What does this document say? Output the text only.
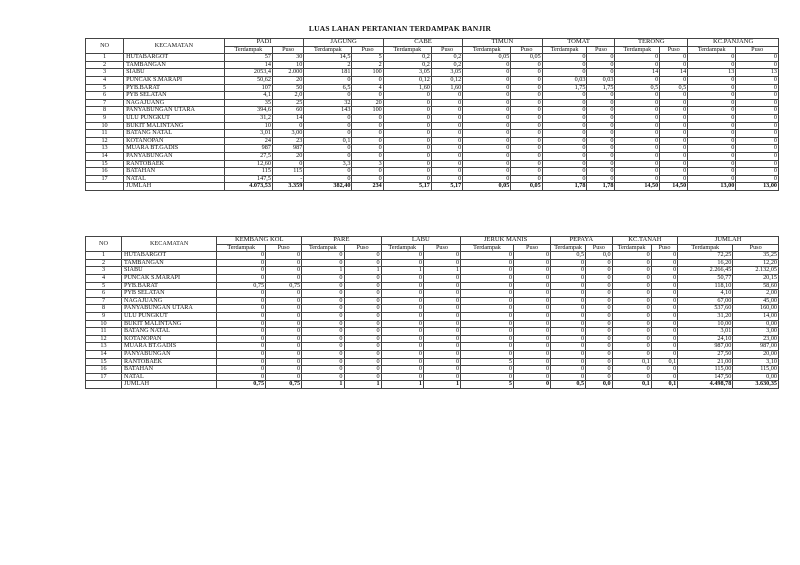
LUAS LAHAN PERTANIAN TERDAMPAK BANJIR
NO	KECAMATAN	PADI		JAGUNG		CABE		TIMUN		TOMAT		TERONG		KC.PANJANG	
		Terdampak	Puso	Terdampak	Puso	Terdampak	Puso	Terdampak	Puso	Terdampak	Puso	Terdampak	Puso	Terdampak	Puso
1	HUTABARGOT	57	30	14,5	5	0,2	0,2	0,05	0,05	0	0	0	0	0	0
2	TAMBANGAN	14	10	2	2	0,2	0,2	0	0	0	0	0	0	0	0
3	SIABU	2053,4	2.000	181	100	3,05	3,05	0	0	0	0	14	14	13	13
4	PUNCAK S.MARAPI	50,62	20	0	0	0,12	0,12	0	0	0,03	0,03	0	0	0	0
5	PYB.BARAT	107	50	6,5	4	1,60	1,60	0	0	1,75	1,75	0,5	0,5	0	0
6	PYB SELATAN	4,1	2,0	0	0	0	0	0	0	0	0	0	0	0	0
7	NAGAJUANG	35	25	32	20	0	0	0	0	0	0	0	0	0	0
8	PANYABUNGAN UTARA	394,6	60	143	100	0	0	0	0	0	0	0	0	0	0
9	ULU PUNGKUT	31,2	14	0	0	0	0	0	0	0	0	0	0	0	0
10	BUKIT MALINTANG	10	0	0	0	0	0	0	0	0	0	0	0	0	0
11	BATANG NATAL	3,01	3,00	0	0	0	0	0	0	0	0	0	0	0	0
12	KOTANOPAN	24	23	0,1	0	0	0	0	0	0	0	0	0	0	0
13	MUARA BT.GADIS	987	987	0	0	0	0	0	0	0	0	0	0	0	0
14	PANYABUNGAN	27,5	20	0	0	0	0	0	0	0	0	0	0	0	0
15	RANTOBAEK	12,60	0	3,3	3	0	0	0	0	0	0	0	0	0	0
16	BATAHAN	115	115	0	0	0	0	0	0	0	0	0	0	0	0
17	NATAL	147,5	-	0	0	0	0	0	0	0	0	0	0	0	0
	JUMLAH	4.073,53	3.359	382,40	234	5,17	5,17	0,05	0,05	1,78	1,78	14,50	14,50	13,00	13,00
NO	KECAMATAN	KEMBANG KOL		PARE		LABU		JERUK MANIS		PEPAYA		KC.TANAH		JUMLAH	
		Terdampak	Puso	Terdampak	Puso	Terdampak	Puso	Terdampak	Puso	Terdampak	Puso	Terdampak	Puso	Terdampak	Puso
1	HUTABARGOT	0	0	0	0	0	0	0	0	0,5	0,0	0	0	72,25	35,25
2	TAMBANGAN	0	0	0	0	0	0	0	0	0	0	0	0	16,20	12,20
3	SIABU	0	0	1	1	1	1	0	0	0	0	0	0	2.266,45	2.132,05
4	PUNCAK S.MARAPI	0	0	0	0	0	0	0	0	0	0	0	0	50,77	20,15
5	PYB.BARAT	0,75	0,75	0	0	0	0	0	0	0	0	0	0	118,10	58,60
6	PYB SELATAN	0	0	0	0	0	0	0	0	0	0	0	0	4,10	2,00
7	NAGAJUANG	0	0	0	0	0	0	0	0	0	0	0	0	67,00	45,00
8	PANYABUNGAN UTARA	0	0	0	0	0	0	0	0	0	0	0	0	537,60	160,00
9	ULU PUNGKUT	0	0	0	0	0	0	0	0	0	0	0	0	31,20	14,00
10	BUKIT MALINTANG	0	0	0	0	0	0	0	0	0	0	0	0	10,00	0,00
11	BATANG NATAL	0	0	0	0	0	0	0	0	0	0	0	0	3,01	3,00
12	KOTANOPAN	0	0	0	0	0	0	0	0	0	0	0	0	24,10	23,00
13	MUARA BT.GADIS	0	0	0	0	0	0	0	0	0	0	0	0	987,00	987,00
14	PANYABUNGAN	0	0	0	0	0	0	0	0	0	0	0	0	27,50	20,00
15	RANTOBAEK	0	0	0	0	0	0	5	0	0	0	0,1	0,1	21,00	3,10
16	BATAHAN	0	0	0	0	0	0	0	0	0	0	0	0	115,00	115,00
17	NATAL	0	0	0	0	0	0	0	0	0	0	0	0	147,50	0,00
	JUMLAH	0,75	0,75	1	1	1	1	5	0	0,5	0,0	0,1	0,1	4.498,78	3.630,35
